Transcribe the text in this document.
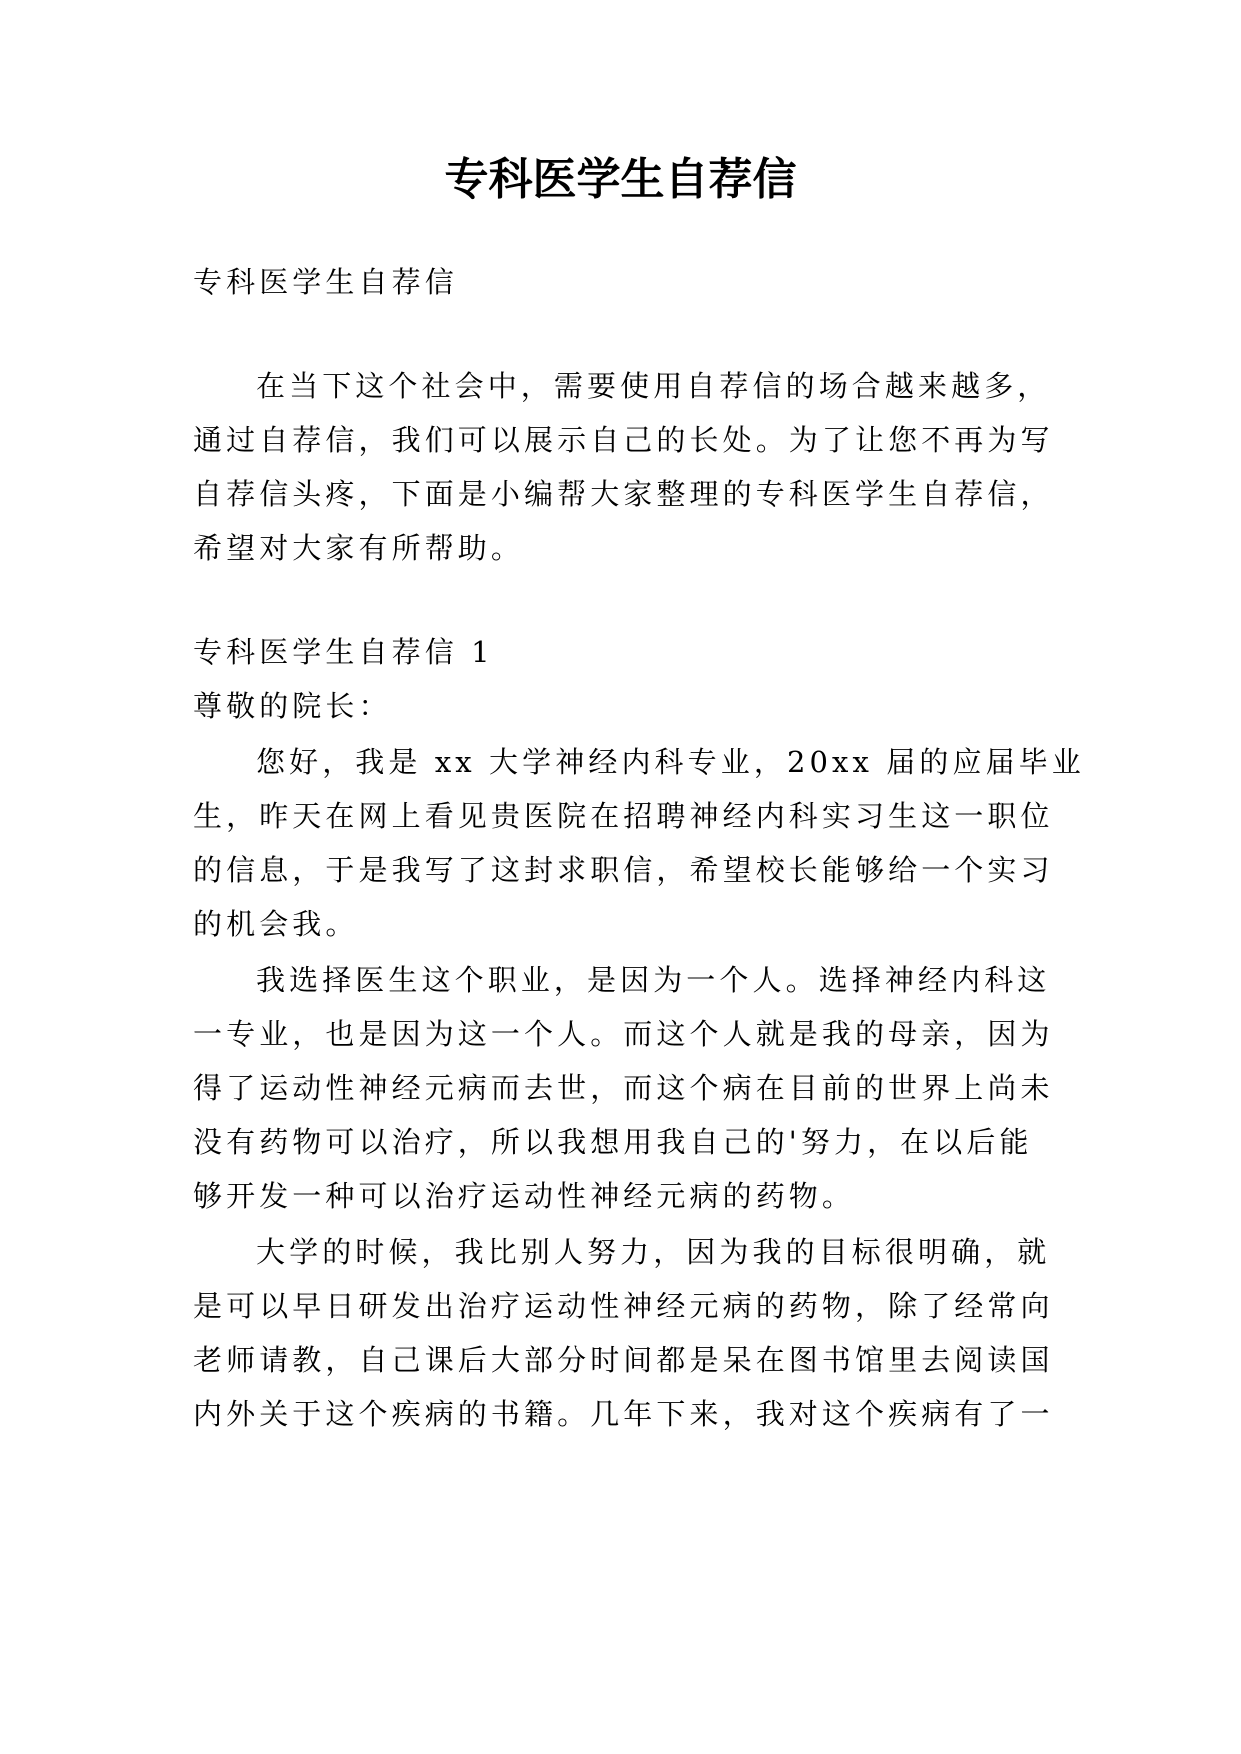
专科医学生自荐信

专科医学生自荐信

在当下这个社会中，需要使用自荐信的场合越来越多，

通过自荐信，我们可以展示自己的长处。为了让您不再为写

自荐信头疼，下面是小编帮大家整理的专科医学生自荐信，

希望对大家有所帮助。

专科医学生自荐信 1

尊敬的院长：

您好，我是 xx 大学神经内科专业，20xx 届的应届毕业

生，昨天在网上看见贵医院在招聘神经内科实习生这一职位

的信息，于是我写了这封求职信，希望校长能够给一个实习

的机会我。

我选择医生这个职业，是因为一个人。选择神经内科这

一专业，也是因为这一个人。而这个人就是我的母亲，因为

得了运动性神经元病而去世，而这个病在目前的世界上尚未

没有药物可以治疗，所以我想用我自己的'努力，在以后能

够开发一种可以治疗运动性神经元病的药物。

大学的时候，我比别人努力，因为我的目标很明确，就

是可以早日研发出治疗运动性神经元病的药物，除了经常向

老师请教，自己课后大部分时间都是呆在图书馆里去阅读国

内外关于这个疾病的书籍。几年下来，我对这个疾病有了一
